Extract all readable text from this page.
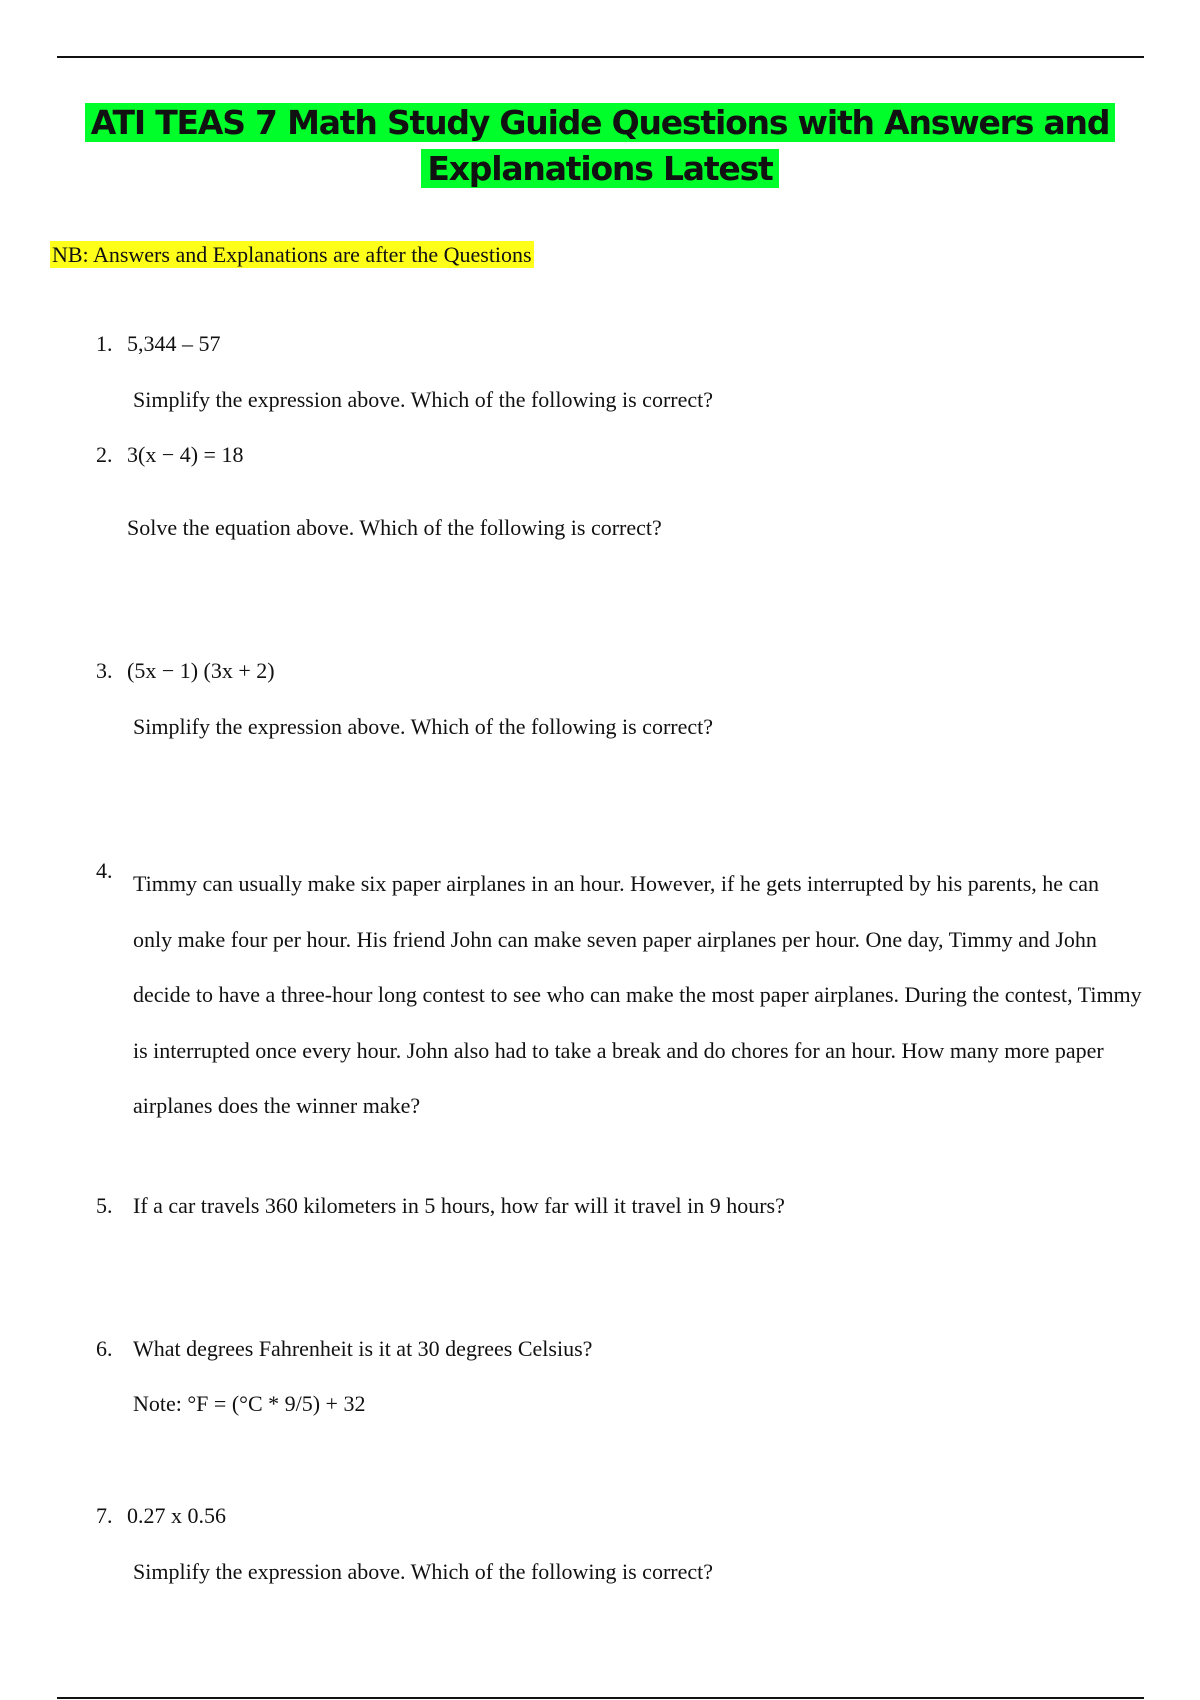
ATI TEAS 7 Math Study Guide Questions with Answers and
Explanations Latest
NB: Answers and Explanations are after the Questions
1. 5,344 – 57
Simplify the expression above. Which of the following is correct?
2. 3(x − 4) = 18
Solve the equation above. Which of the following is correct?
3. (5x − 1) (3x + 2)
Simplify the expression above. Which of the following is correct?
4.
Timmy can usually make six paper airplanes in an hour. However, if he gets interrupted by his parents, he can only make four per hour. His friend John can make seven paper airplanes per hour. One day, Timmy and John decide to have a three-hour long contest to see who can make the most paper airplanes. During the contest, Timmy is interrupted once every hour. John also had to take a break and do chores for an hour. How many more paper airplanes does the winner make?
5. If a car travels 360 kilometers in 5 hours, how far will it travel in 9 hours?
6. What degrees Fahrenheit is it at 30 degrees Celsius?
Note: °F = (°C * 9/5) + 32
7. 0.27 x 0.56
Simplify the expression above. Which of the following is correct?
